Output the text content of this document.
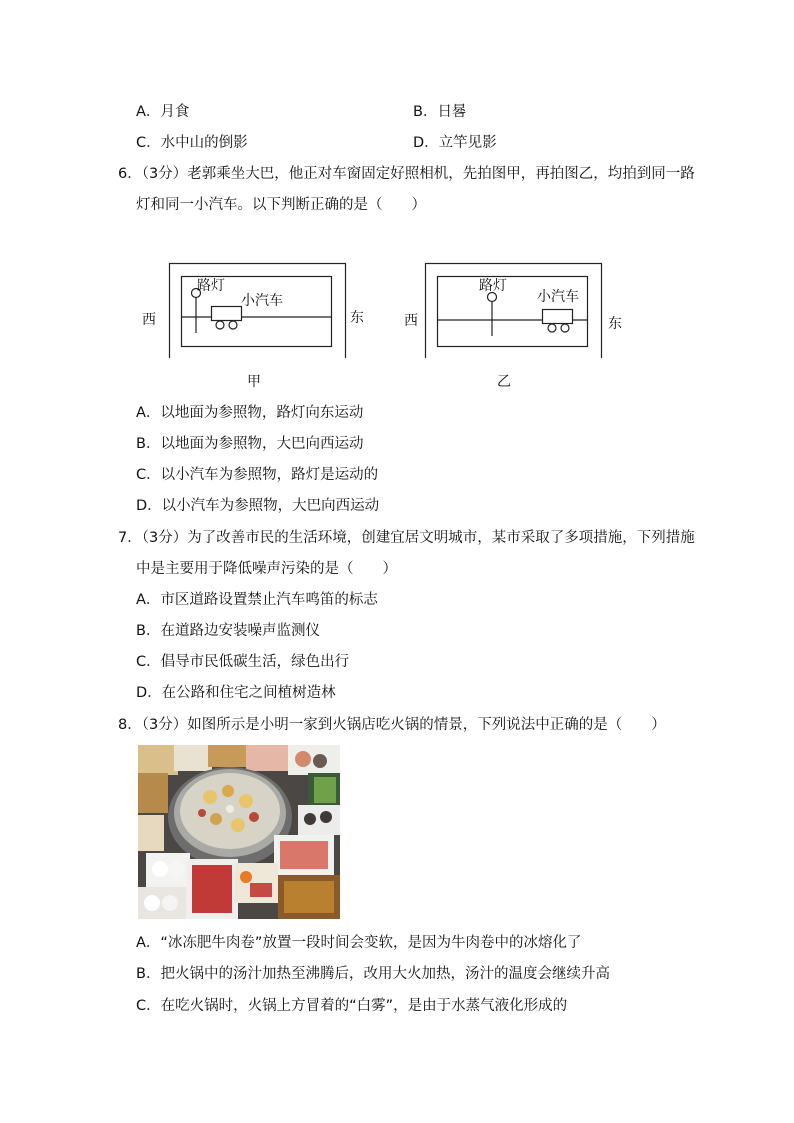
A．月食	B．日晷
C．水中山的倒影	D．立竿见影
6．（3分）老郭乘坐大巴，他正对车窗固定好照相机，先拍图甲，再拍图乙，均拍到同一路
灯和同一小汽车。以下判断正确的是（　　）
路灯
小汽车
西	东
甲
路灯
小汽车
西	东
乙
A．以地面为参照物，路灯向东运动
B．以地面为参照物，大巴向西运动
C．以小汽车为参照物，路灯是运动的
D．以小汽车为参照物，大巴向西运动
7．（3分）为了改善市民的生活环境，创建宜居文明城市，某市采取了多项措施，下列措施
中是主要用于降低噪声污染的是（　　）
A．市区道路设置禁止汽车鸣笛的标志
B．在道路边安装噪声监测仪
C．倡导市民低碳生活，绿色出行
D．在公路和住宅之间植树造林
8．（3分）如图所示是小明一家到火锅店吃火锅的情景，下列说法中正确的是（　　）
A．“冰冻肥牛肉卷”放置一段时间会变软，是因为牛肉卷中的冰熔化了
B．把火锅中的汤汁加热至沸腾后，改用大火加热，汤汁的温度会继续升高
C．在吃火锅时，火锅上方冒着的“白雾”，是由于水蒸气液化形成的
